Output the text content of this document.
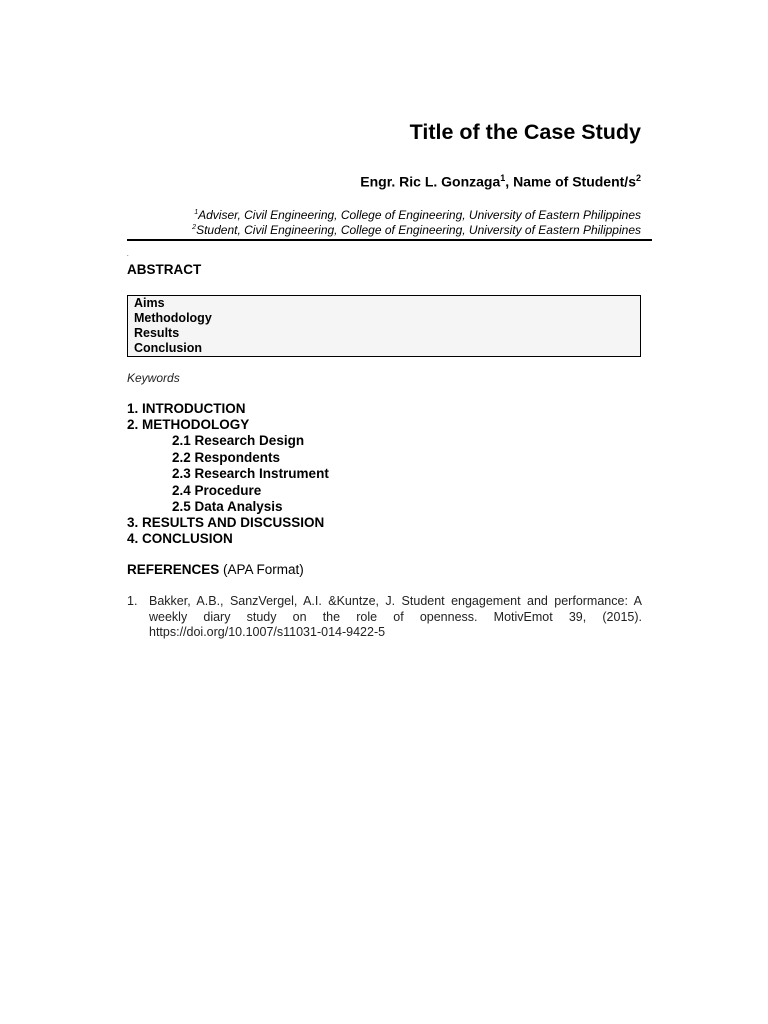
Title of the Case Study
Engr. Ric L. Gonzaga$^1$, Name of Student/$s^2$
$^1$Adviser, Civil Engineering, College of Engineering, University of Eastern Philippines
$^2$Student, Civil Engineering, College of Engineering, University of Eastern Philippines
.
ABSTRACT
Aims
Methodology
Results
Conclusion
Keywords
1. INTRODUCTION
2. METHODOLOGY
2.1 Research Design
2.2 Respondents
2.3 Research Instrument
2.4 Procedure
2.5 Data Analysis
3. RESULTS AND DISCUSSION
4. CONCLUSION
REFERENCES (APA Format)
1. Bakker, A.B., SanzVergel, A.I. &Kuntze, J. Student engagement and performance: A weekly diary study on the role of openness. MotivEmot 39, (2015). https://doi.org/10.1007/s11031-014-9422-5
